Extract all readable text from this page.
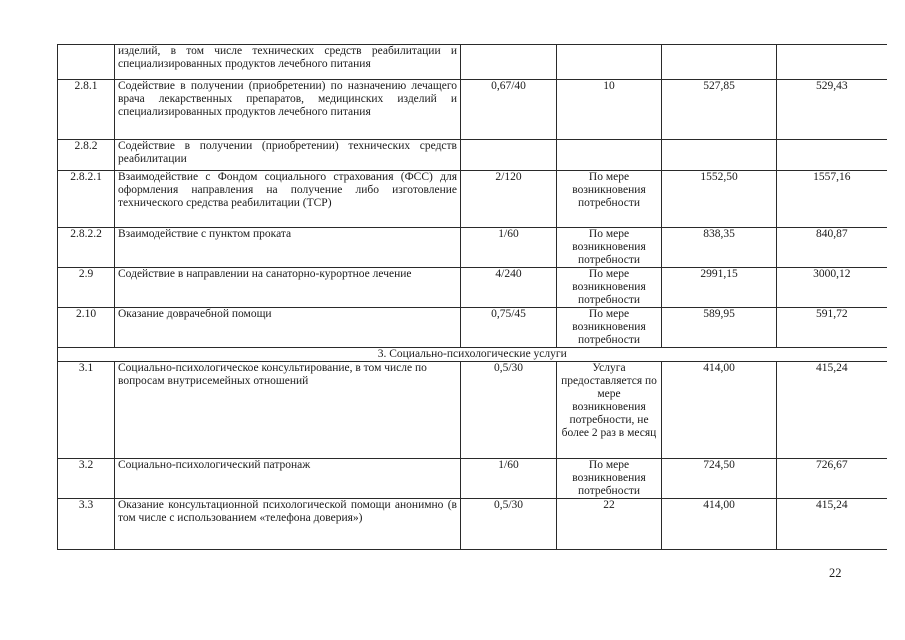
	изделий, в том числе технических средств реабилитации и специализированных продуктов лечебного питания				
2.8.1	Содействие в получении (приобретении) по назначению лечащего врача лекарственных препаратов, медицинских изделий и специализированных продуктов лечебного питания	0,67/40	10	527,85	529,43
2.8.2	Содействие в получении (приобретении) технических средств реабилитации				
2.8.2.1	Взаимодействие с Фондом социального страхования (ФСС) для оформления направления на получение либо изготовление технического средства реабилитации (ТСР)	2/120	По мере возникновения потребности	1552,50	1557,16
2.8.2.2	Взаимодействие с пунктом проката	1/60	По мере возникновения потребности	838,35	840,87
2.9	Содействие в направлении на санаторно-курортное лечение	4/240	По мере возникновения потребности	2991,15	3000,12
2.10	Оказание доврачебной помощи	0,75/45	По мере возникновения потребности	589,95	591,72
3. Социально-психологические услуги					
3.1	Социально-психологическое консультирование, в том числе по вопросам внутрисемейных отношений	0,5/30	Услуга предоставляется по мере возникновения потребности, не более 2 раз в месяц	414,00	415,24
3.2	Социально-психологический патронаж	1/60	По мере возникновения потребности	724,50	726,67
3.3	Оказание консультационной психологической помощи анонимно (в том числе с использованием «телефона доверия»)	0,5/30	22	414,00	415,24
22
